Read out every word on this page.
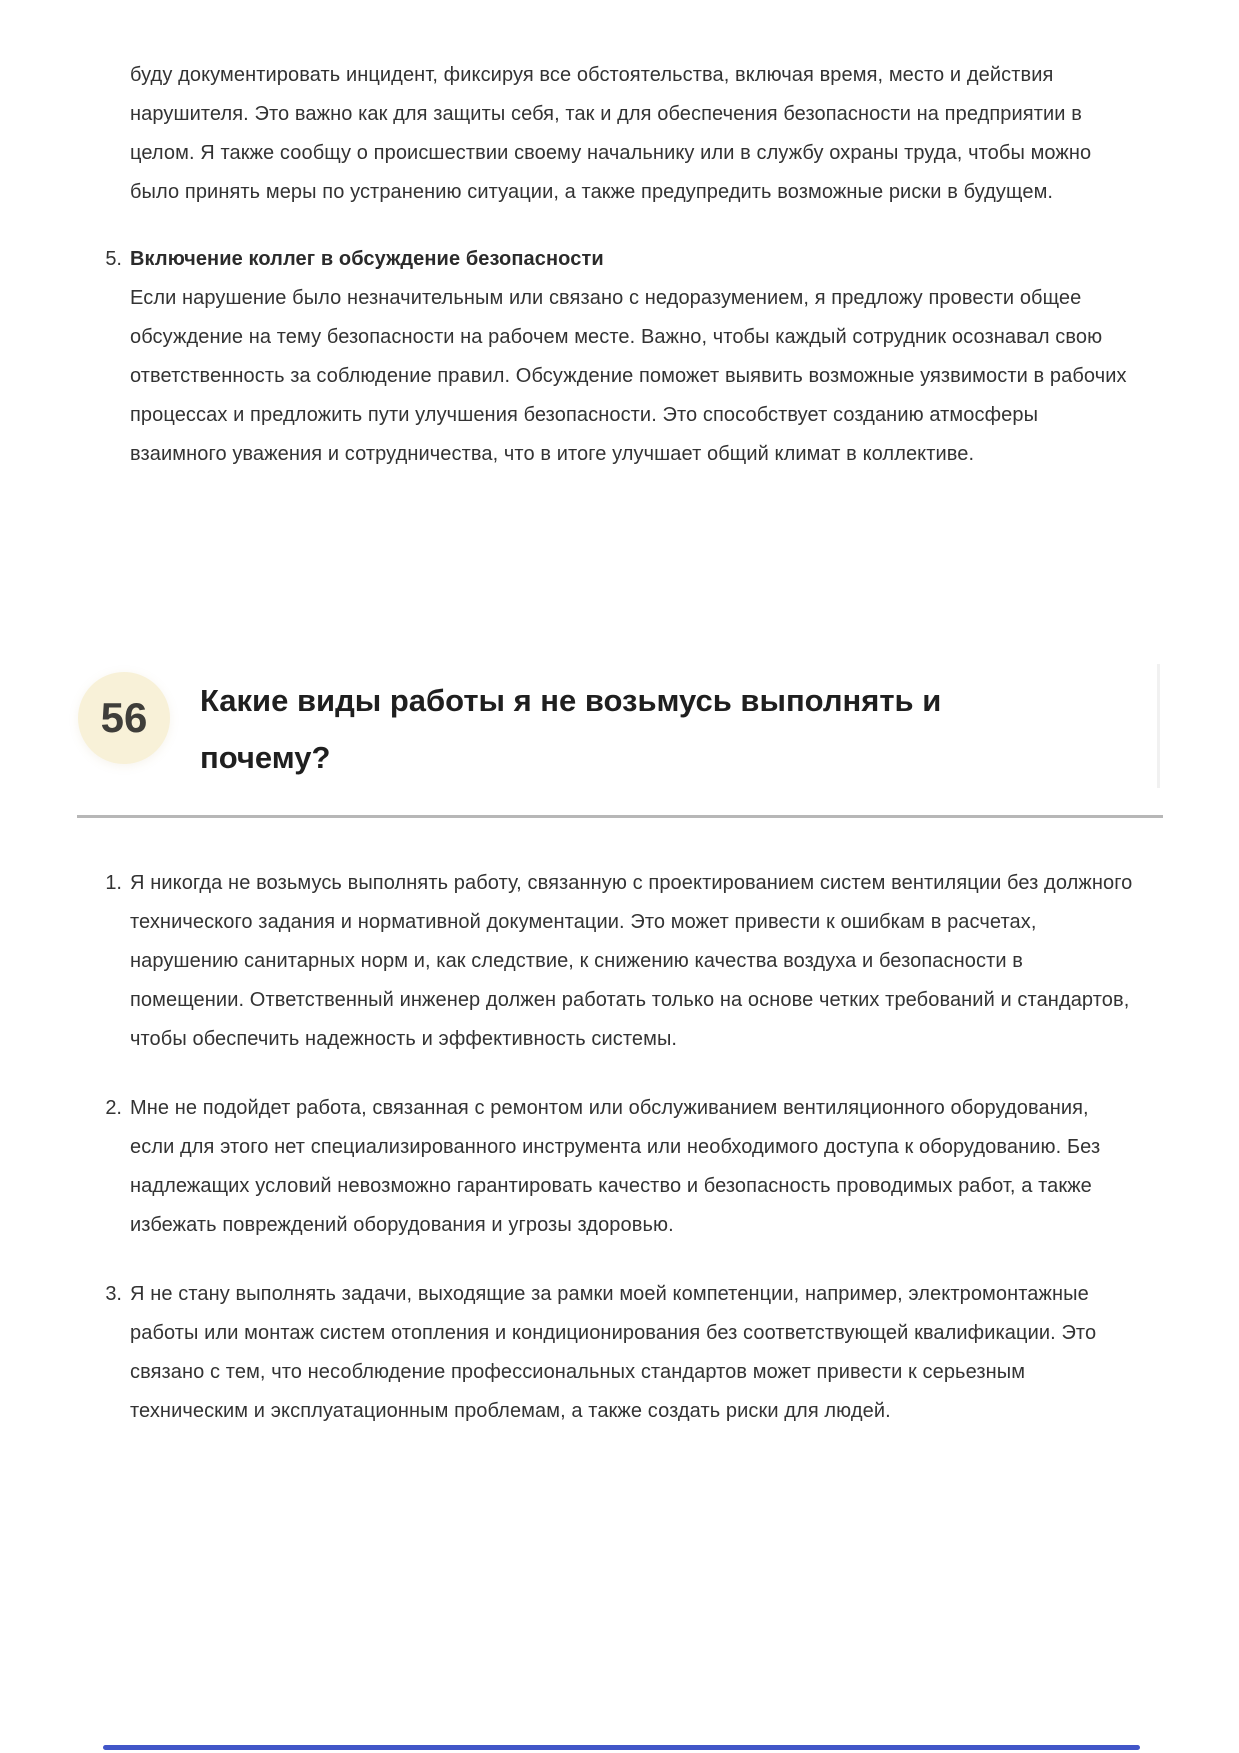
буду документировать инцидент, фиксируя все обстоятельства, включая время, место и действия нарушителя. Это важно как для защиты себя, так и для обеспечения безопасности на предприятии в целом. Я также сообщу о происшествии своему начальнику или в службу охраны труда, чтобы можно было принять меры по устранению ситуации, а также предупредить возможные риски в будущем.

5. Включение коллег в обсуждение безопасности
Если нарушение было незначительным или связано с недоразумением, я предложу провести общее обсуждение на тему безопасности на рабочем месте. Важно, чтобы каждый сотрудник осознавал свою ответственность за соблюдение правил. Обсуждение поможет выявить возможные уязвимости в рабочих процессах и предложить пути улучшения безопасности. Это способствует созданию атмосферы взаимного уважения и сотрудничества, что в итоге улучшает общий климат в коллективе.
56	Какие виды работы я не возьмусь выполнять и почему?
1. Я никогда не возьмусь выполнять работу, связанную с проектированием систем вентиляции без должного технического задания и нормативной документации. Это может привести к ошибкам в расчетах, нарушению санитарных норм и, как следствие, к снижению качества воздуха и безопасности в помещении. Ответственный инженер должен работать только на основе четких требований и стандартов, чтобы обеспечить надежность и эффективность системы.
2. Мне не подойдет работа, связанная с ремонтом или обслуживанием вентиляционного оборудования, если для этого нет специализированного инструмента или необходимого доступа к оборудованию. Без надлежащих условий невозможно гарантировать качество и безопасность проводимых работ, а также избежать повреждений оборудования и угрозы здоровью.
3. Я не стану выполнять задачи, выходящие за рамки моей компетенции, например, электромонтажные работы или монтаж систем отопления и кондиционирования без соответствующей квалификации. Это связано с тем, что несоблюдение профессиональных стандартов может привести к серьезным техническим и эксплуатационным проблемам, а также создать риски для людей.
